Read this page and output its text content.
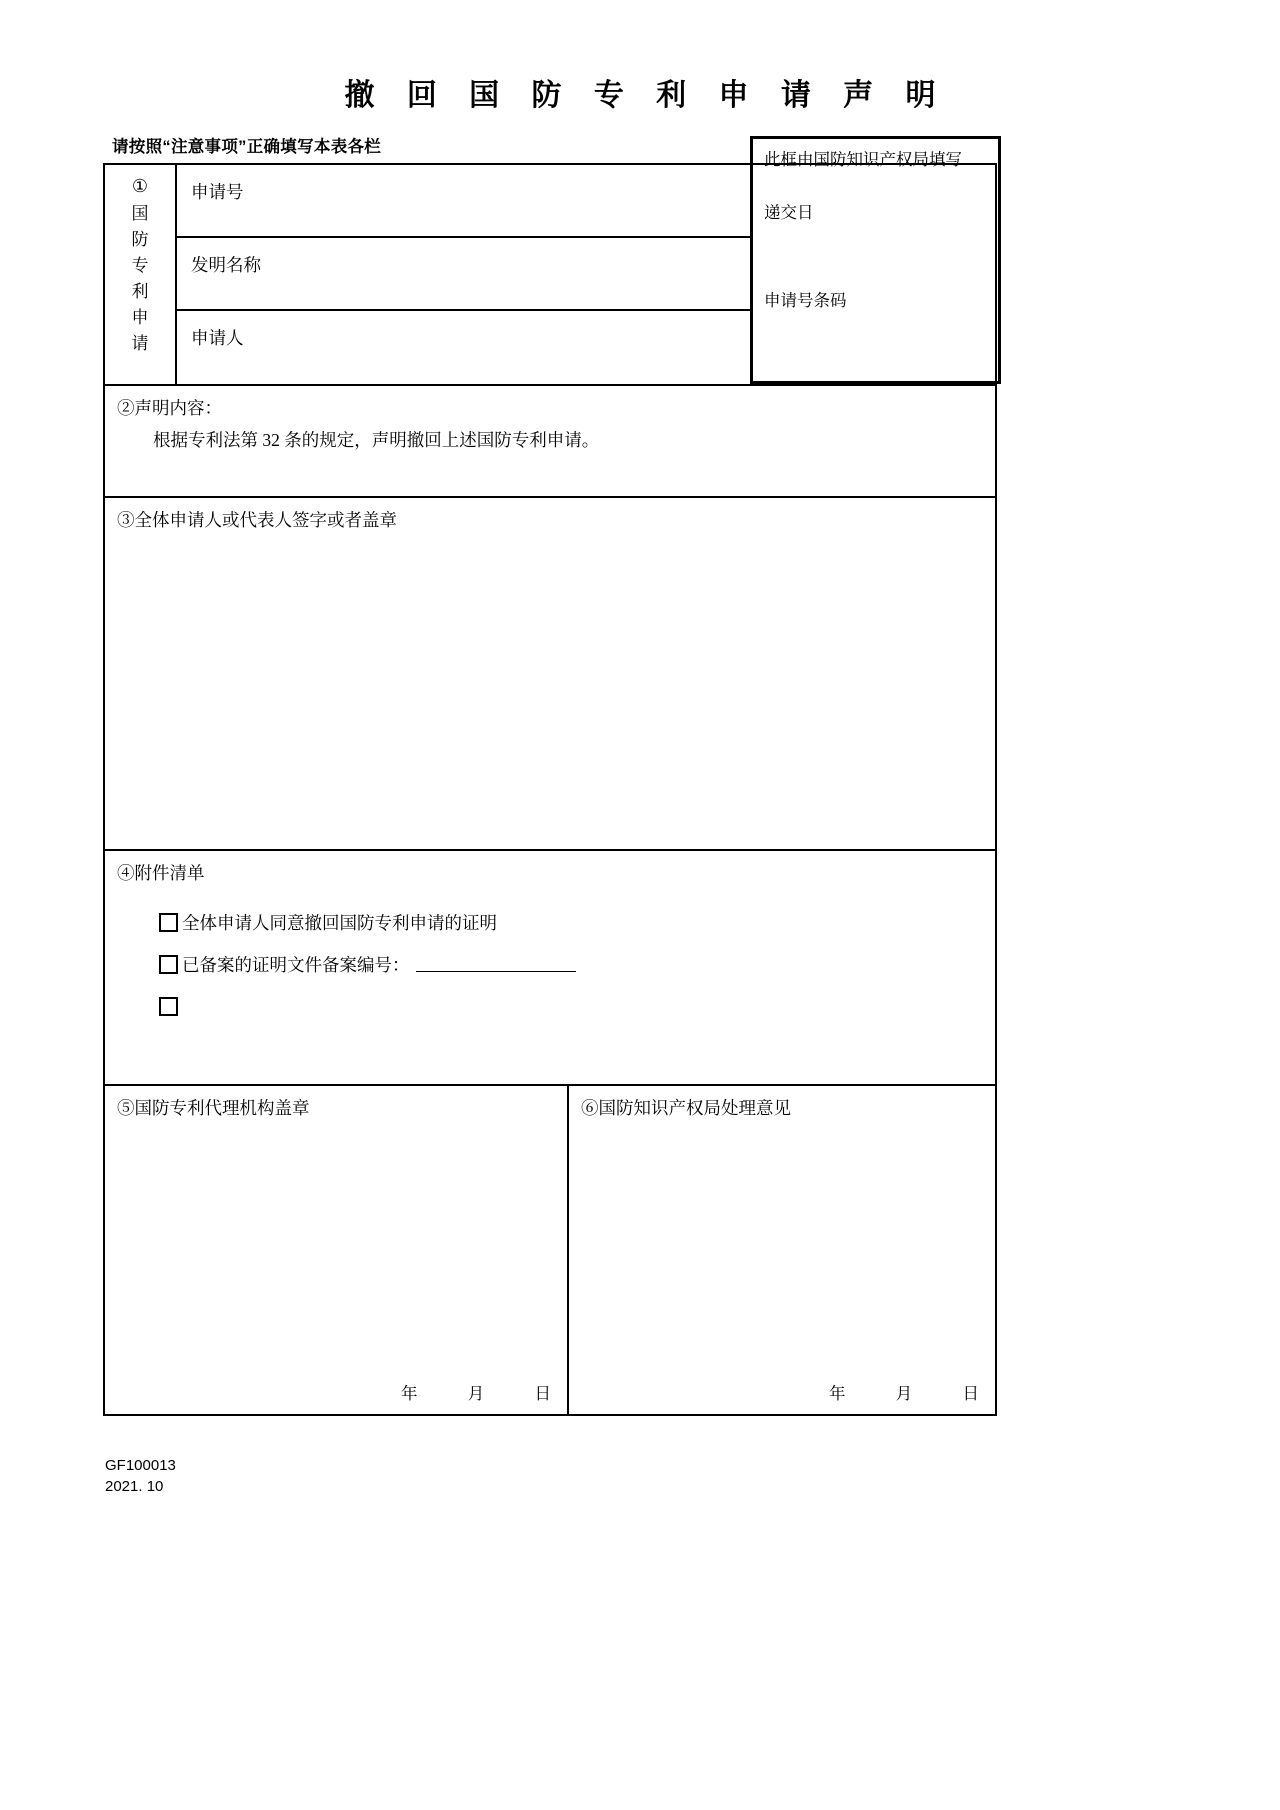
撤 回 国 防 专 利 申 请 声 明
请按照“注意事项”正确填写本表各栏
①
国
防
专
利
申
请
申请号
发明名称
申请人
此框由国防知识产权局填写
递交日
申请号条码
②声明内容：
根据专利法第 32 条的规定，声明撤回上述国防专利申请。
③全体申请人或代表人签字或者盖章
④附件清单
全体申请人同意撤回国防专利申请的证明
已备案的证明文件备案编号：
⑤国防专利代理机构盖章
年	月	日
⑥国防知识产权局处理意见
年	月	日
GF100013
2021. 10
